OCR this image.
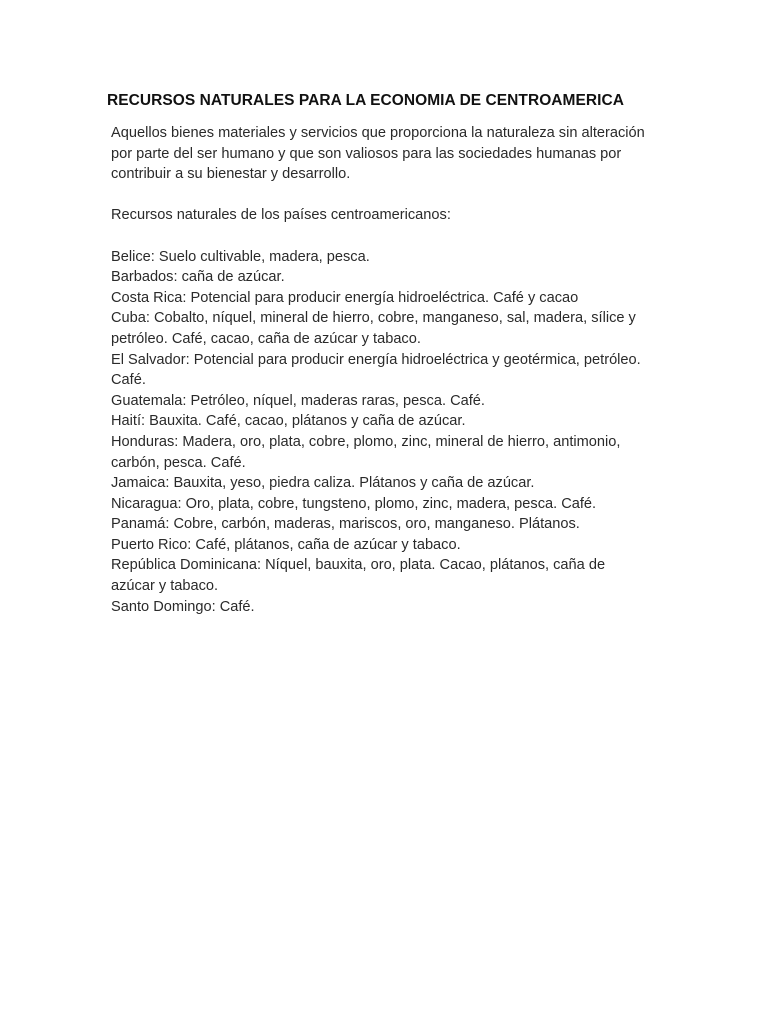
RECURSOS NATURALES PARA LA ECONOMIA DE CENTROAMERICA
Aquellos bienes materiales y servicios que proporciona la naturaleza sin alteración
por parte del ser humano y que son valiosos para las sociedades humanas por
contribuir a su bienestar y desarrollo.
Recursos naturales de los países centroamericanos:
Belice: Suelo cultivable, madera, pesca.
Barbados: caña de azúcar.
Costa Rica: Potencial para producir energía hidroeléctrica. Café y cacao
Cuba: Cobalto, níquel, mineral de hierro, cobre, manganeso, sal, madera, sílice y
petróleo. Café, cacao, caña de azúcar y tabaco.
El Salvador: Potencial para producir energía hidroeléctrica y geotérmica, petróleo.
Café.
Guatemala: Petróleo, níquel, maderas raras, pesca. Café.
Haití: Bauxita. Café, cacao, plátanos y caña de azúcar.
Honduras: Madera, oro, plata, cobre, plomo, zinc, mineral de hierro, antimonio,
carbón, pesca. Café.
Jamaica: Bauxita, yeso, piedra caliza. Plátanos y caña de azúcar.
Nicaragua: Oro, plata, cobre, tungsteno, plomo, zinc, madera, pesca. Café.
Panamá: Cobre, carbón, maderas, mariscos, oro, manganeso. Plátanos.
Puerto Rico: Café, plátanos, caña de azúcar y tabaco.
República Dominicana: Níquel, bauxita, oro, plata. Cacao, plátanos, caña de
azúcar y tabaco.
Santo Domingo: Café.
